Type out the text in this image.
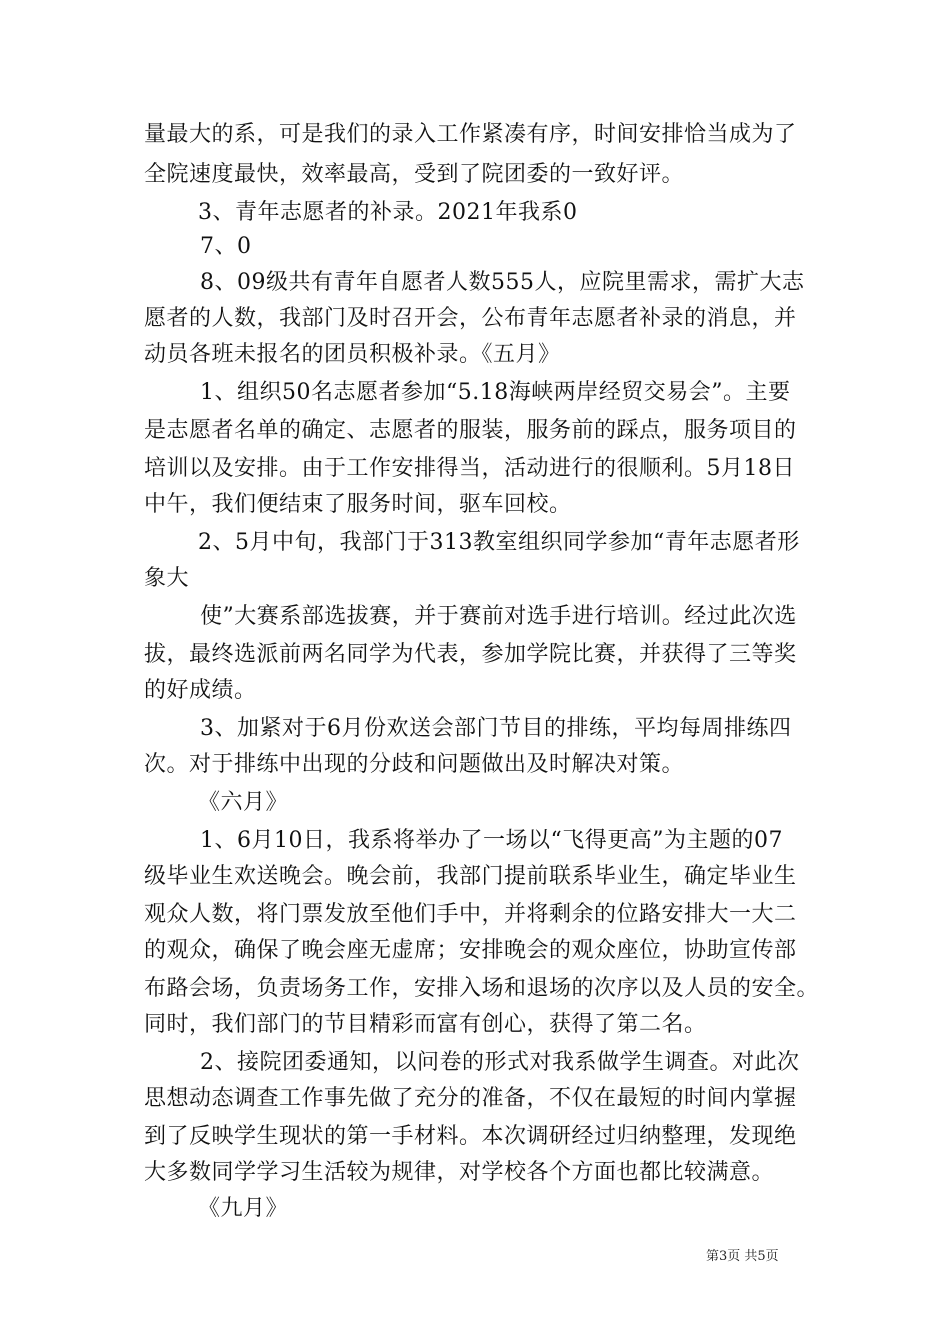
量最大的系，可是我们的录入工作紧凑有序，时间安排恰当成为了
全院速度最快，效率最高，受到了院团委的一致好评。
3、青年志愿者的补录。2021年我系0
7、0
8、09级共有青年自愿者人数555人，应院里需求，需扩大志
愿者的人数，我部门及时召开会，公布青年志愿者补录的消息，并
动员各班未报名的团员积极补录。《五月》
1、组织50名志愿者参加“5.18海峡两岸经贸交易会”。主要
是志愿者名单的确定、志愿者的服装，服务前的踩点，服务项目的
培训以及安排。由于工作安排得当，活动进行的很顺利。5月18日
中午，我们便结束了服务时间，驱车回校。
2、5月中旬，我部门于313教室组织同学参加“青年志愿者形
象大
使”大赛系部选拔赛，并于赛前对选手进行培训。经过此次选
拔，最终选派前两名同学为代表，参加学院比赛，并获得了三等奖
的好成绩。
3、加紧对于6月份欢送会部门节目的排练，平均每周排练四
次。对于排练中出现的分歧和问题做出及时解决对策。
《六月》
1、6月10日，我系将举办了一场以“飞得更高”为主题的07
级毕业生欢送晚会。晚会前，我部门提前联系毕业生，确定毕业生
观众人数，将门票发放至他们手中，并将剩余的位路安排大一大二
的观众，确保了晚会座无虚席；安排晚会的观众座位，协助宣传部
布路会场，负责场务工作，安排入场和退场的次序以及人员的安全。
同时，我们部门的节目精彩而富有创心，获得了第二名。
2、接院团委通知，以问卷的形式对我系做学生调查。对此次
思想动态调查工作事先做了充分的准备，不仅在最短的时间内掌握
到了反映学生现状的第一手材料。本次调研经过归纳整理，发现绝
大多数同学学习生活较为规律，对学校各个方面也都比较满意。
《九月》
第3页 共5页
